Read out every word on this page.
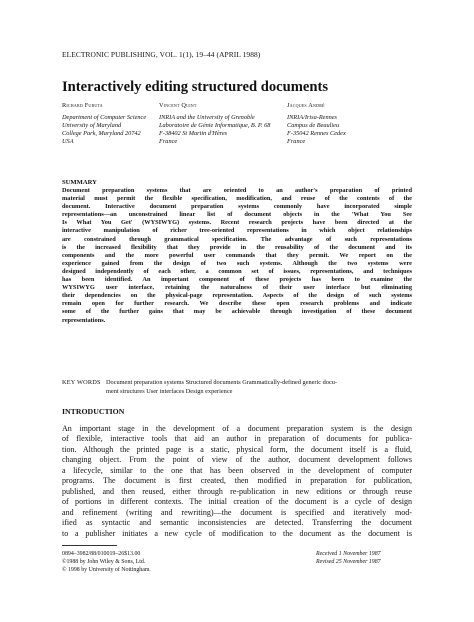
ELECTRONIC PUBLISHING, VOL. 1(1), 19–44 (APRIL 1988)
Interactively editing structured documents
Richard Furuta
Department of Computer Science
University of Maryland
College Park, Maryland 20742
USA
Vincent Quint
INRIA and the University of Grenoble
Laboratoire de Génie Informatique, B. P. 68
F-38402 St Martin d'Hères
France
Jacques André
INRIA/Irisa-Rennes
Campus de Beaulieu
F-35042 Rennes Cedex
France
SUMMARY

Document preparation systems that are oriented to an author's preparation of printed
material must permit the flexible specification, modification, and reuse of the contents of the
document. Interactive document preparation systems commonly have incorporated simple
representations—an unconstrained linear list of document objects in the 'What You See
Is What You Get' (WYSIWYG) systems. Recent research projects have been directed at the
interactive manipulation of richer tree-oriented representations in which object relationships
are constrained through grammatical specification. The advantage of such representations
is the increased flexibility that they provide in the reusability of the document and its
components and the more powerful user commands that they permit. We report on the
experience gained from the design of two such systems. Although the two systems were
designed independently of each other, a common set of issues, representations, and techniques
has been identified. An important component of these projects has been to examine the
WYSIWYG user interface, retaining the naturalness of their user interface but eliminating
their dependencies on the physical-page representation. Aspects of the design of such systems
remain open for further research. We describe these open research problems and indicate
some of the further gains that may be achievable through investigation of these document
representations.

KEY WORDS Document preparation systems Structured documents Grammatically-defined generic docu-
ment structures User interfaces Design experience
INTRODUCTION

An important stage in the development of a document preparation system is the design
of flexible, interactive tools that aid an author in preparation of documents for publica-
tion. Although the printed page is a static, physical form, the document itself is a fluid,
changing object. From the point of view of the author, document development follows
a lifecycle, similar to the one that has been observed in the development of computer
programs. The document is first created, then modified in preparation for publication,
published, and then reused, either through re-publication in new editions or through reuse
of portions in different contexts. The initial creation of the document is a cycle of design
and refinement (writing and rewriting)—the document is specified and iteratively mod-
ified as syntactic and semantic inconsistencies are detected. Transferring the document
to a publisher initiates a new cycle of modification to the document as the document is

0894–3982/88/010019–26$13.00
©1988 by John Wiley & Sons, Ltd.
© 1998 by University of Nottingham.
Received 1 November 1987
Revised 25 November 1987
